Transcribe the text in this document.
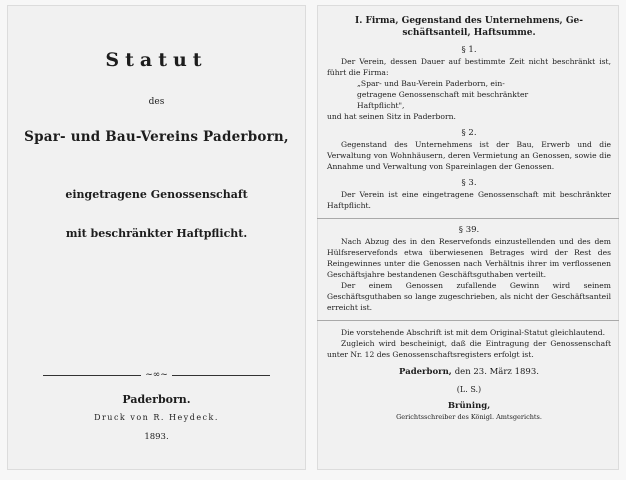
Statut
des
Spar- und Bau-Vereins Paderborn,
eingetragene Genossenschaft
mit beschränkter Haftpflicht.
~∞~
Paderborn.
Druck von R. Heydeck.
1893.
I. Firma, Gegenstand des Unternehmens, Ge-
schäftsanteil, Haftsumme.
§ 1.
Der Verein, dessen Dauer auf bestimmte Zeit nicht beschränkt ist, führt die Firma:
„Spar- und Bau-Verein Paderborn, ein-
getragene Genossenschaft mit beschränkter
Haftpflicht",
und hat seinen Sitz in Paderborn.
§ 2.
Gegenstand des Unternehmens ist der Bau, Erwerb und die Verwaltung von Wohnhäusern, deren Vermietung an Genossen, sowie die Annahme und Verwaltung von Spareinlagen der Genossen.
§ 3.
Der Verein ist eine eingetragene Genossenschaft mit beschränkter Haftpflicht.
§ 39.
Nach Abzug des in den Reservefonds einzustellenden und des dem Hülfsreservefonds etwa überwiesenen Betrages wird der Rest des Reingewinnes unter die Genossen nach Verhältnis ihrer im verflossenen Geschäftsjahre bestandenen Geschäftsguthaben verteilt.
Der einem Genossen zufallende Gewinn wird seinem Geschäftsguthaben so lange zugeschrieben, als nicht der Geschäftsanteil erreicht ist.
Die vorstehende Abschrift ist mit dem Original-Statut gleichlautend.
Zugleich wird bescheinigt, daß die Eintragung der Genossenschaft unter Nr. 12 des Genossenschaftsregisters erfolgt ist.
Paderborn, den 23. März 1893.
(L. S.)
Brüning,
Gerichtsschreiber des Königl. Amtsgerichts.
